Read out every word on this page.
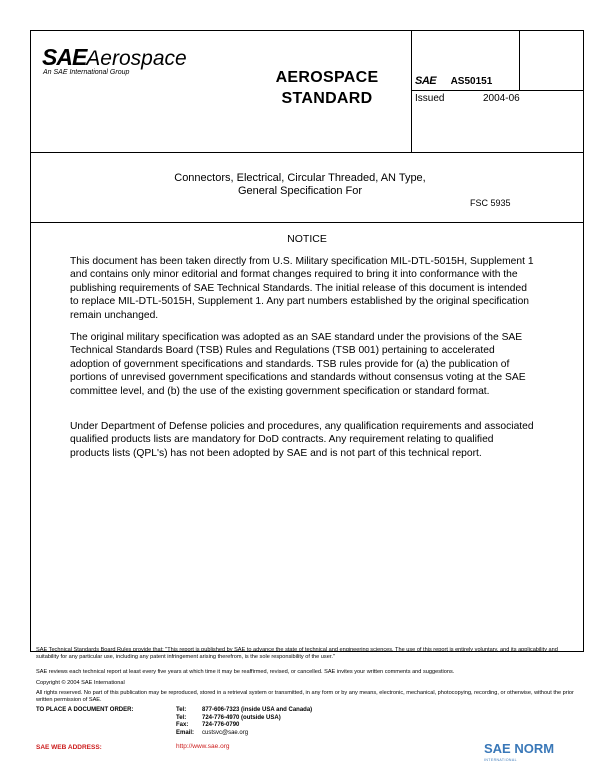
SAEAerospace
An SAE International Group	AEROSPACE
STANDARD
SAE AS50151
Issued	2004-06
Connectors, Electrical, Circular Threaded, AN Type,
General Specification For
FSC 5935
NOTICE
This document has been taken directly from U.S. Military specification MIL-DTL-5015H, Supplement 1 and contains only minor editorial and format changes required to bring it into conformance with the publishing requirements of SAE Technical Standards. The initial release of this document is intended to replace MIL-DTL-5015H, Supplement 1. Any part numbers established by the original specification remain unchanged.
The original military specification was adopted as an SAE standard under the provisions of the SAE Technical Standards Board (TSB) Rules and Regulations (TSB 001) pertaining to accelerated adoption of government specifications and standards. TSB rules provide for (a) the publication of portions of unrevised government specifications and standards without consensus voting at the SAE committee level, and (b) the use of the existing government specification or standard format.
Under Department of Defense policies and procedures, any qualification requirements and associated qualified products lists are mandatory for DoD contracts. Any requirement relating to qualified products lists (QPL's) has not been adopted by SAE and is not part of this technical report.
SAE Technical Standards Board Rules provide that: "This report is published by SAE to advance the state of technical and engineering sciences. The use of this report is entirely voluntary, and its applicability and suitability for any particular use, including any patent infringement arising therefrom, is the sole responsibility of the user."
SAE reviews each technical report at least every five years at which time it may be reaffirmed, revised, or cancelled. SAE invites your written comments and suggestions.
Copyright © 2004 SAE International
All rights reserved. No part of this publication may be reproduced, stored in a retrieval system or transmitted, in any form or by any means, electronic, mechanical, photocopying, recording, or otherwise, without the prior written permission of SAE.
TO PLACE A DOCUMENT ORDER:	Tel:	877-606-7323 (inside USA and Canada)
Tel:	724-776-4970 (outside USA)
Fax: 724-776-0790
Email: custsvc@sae.org
SAE WEB ADDRESS:	http://www.sae.org	SAE NORM
INTERNATIONAL
